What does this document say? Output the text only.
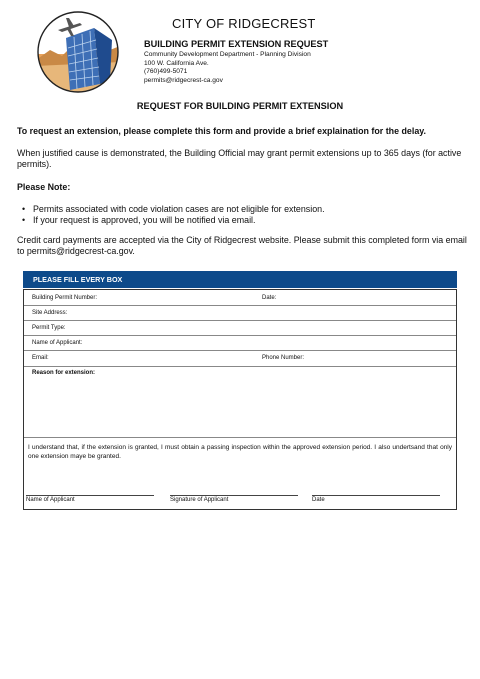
CITY OF RIDGECREST
BUILDING PERMIT EXTENSION REQUEST
Community Development Department - Planning Division
100 W. California Ave.
(760)499-5071
permits@ridgecrest-ca.gov
REQUEST FOR BUILDING PERMIT EXTENSION
To request an extension, please complete this form and provide a brief explaination for the delay.
When justified cause is demonstrated, the Building Official may grant permit extensions up to 365 days (for active permits).
Please Note:
• Permits associated with code violation cases are not eligible for extension.
• If your request is approved, you will be notified via email.
Credit card payments are accepted via the City of Ridgecrest website. Please submit this completed form via email to permits@ridgecrest-ca.gov.
PLEASE FILL EVERY BOX
Building Permit Number:	Date:
Site Address:
Permit Type:
Name of Applicant:
Email:	Phone Number:
Reason for extension:
I understand that, if the extension is granted, I must obtain a passing inspection within the approved extension period. I also undertsand that only one extension maye be granted.
Name of Applicant	Signature of Applicant	Date
